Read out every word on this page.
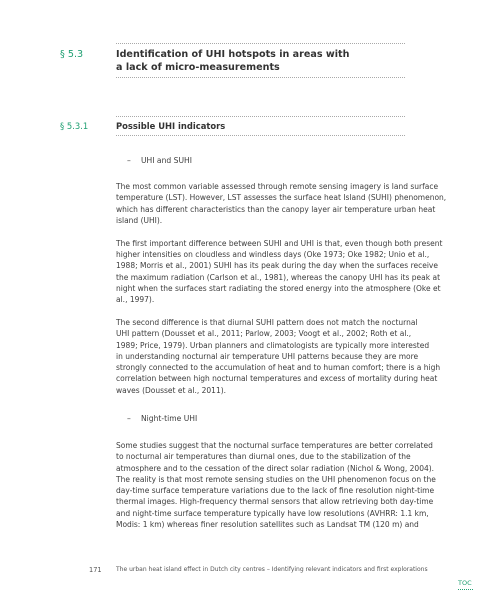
§ 5.3	Identification of UHI hotspots in areas with
a lack of micro-measurements
§ 5.3.1	Possible UHI indicators
– UHI and SUHI

The most common variable assessed through remote sensing imagery is land surface
temperature (LST). However, LST assesses the surface heat Island (SUHI) phenomenon,
which has different characteristics than the canopy layer air temperature urban heat
island (UHI).

The first important difference between SUHI and UHI is that, even though both present
higher intensities on cloudless and windless days (Oke 1973; Oke 1982; Unio et al.,
1988; Morris et al., 2001) SUHI has its peak during the day when the surfaces receive
the maximum radiation (Carlson et al., 1981), whereas the canopy UHI has its peak at
night when the surfaces start radiating the stored energy into the atmosphere (Oke et
al., 1997).

The second difference is that diurnal SUHI pattern does not match the nocturnal
UHI pattern (Dousset et al., 2011; Parlow, 2003; Voogt et al., 2002; Roth et al.,
1989; Price, 1979). Urban planners and climatologists are typically more interested
in understanding nocturnal air temperature UHI patterns because they are more
strongly connected to the accumulation of heat and to human comfort; there is a high
correlation between high nocturnal temperatures and excess of mortality during heat
waves (Dousset et al., 2011).

– Night-time UHI

Some studies suggest that the nocturnal surface temperatures are better correlated
to nocturnal air temperatures than diurnal ones, due to the stabilization of the
atmosphere and to the cessation of the direct solar radiation (Nichol & Wong, 2004).
The reality is that most remote sensing studies on the UHI phenomenon focus on the
day-time surface temperature variations due to the lack of fine resolution night-time
thermal images. High-frequency thermal sensors that allow retrieving both day-time
and night-time surface temperature typically have low resolutions (AVHRR: 1.1 km,
Modis: 1 km) whereas finer resolution satellites such as Landsat TM (120 m) and

171 The urban heat island effect in Dutch city centres – Identifying relevant indicators and first explorations
TOC
